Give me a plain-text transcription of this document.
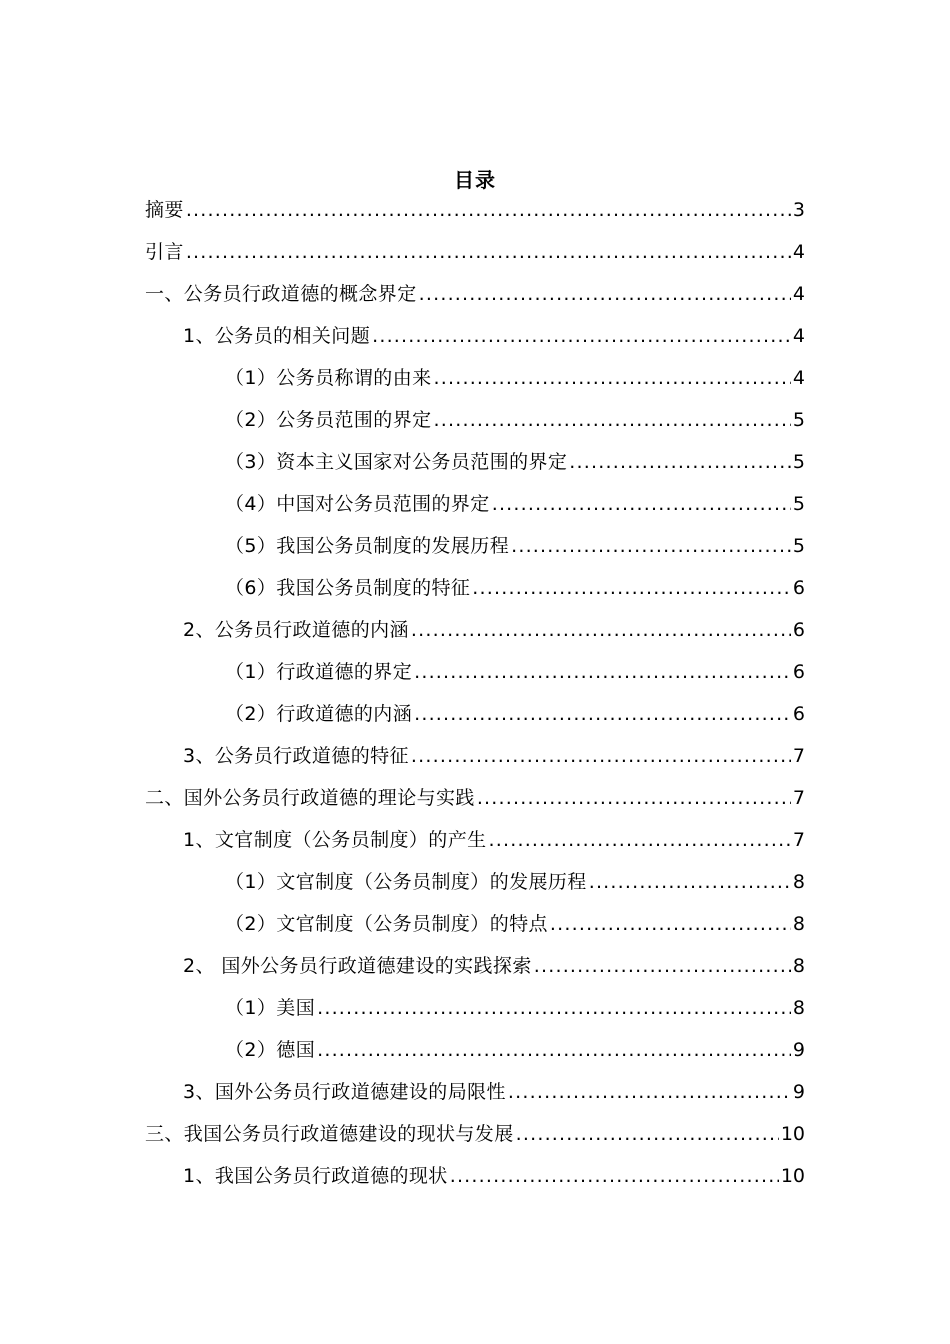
目录
摘要 .....	3
引言 .....	4
一、公务员行政道德的概念界定 .....	4
1、公务员的相关问题 .....	4
（1）公务员称谓的由来 .....	4
（2）公务员范围的界定 .....	5
（3）资本主义国家对公务员范围的界定 .....	5
（4）中国对公务员范围的界定 .....	5
（5）我国公务员制度的发展历程 .....	5
（6）我国公务员制度的特征 .....	6
2、公务员行政道德的内涵 .....	6
（1）行政道德的界定 .....	6
（2）行政道德的内涵 .....	6
3、公务员行政道德的特征 .....	7
二、国外公务员行政道德的理论与实践 .....	7
1、文官制度（公务员制度）的产生 .....	7
（1）文官制度（公务员制度）的发展历程 .....	8
（2）文官制度（公务员制度）的特点 .....	8
2、 国外公务员行政道德建设的实践探索 .....	8
（1）美国 .....	8
（2）德国 .....	9
3、国外公务员行政道德建设的局限性 .....	9
三、我国公务员行政道德建设的现状与发展 .....	10
1、我国公务员行政道德的现状 .....	10
